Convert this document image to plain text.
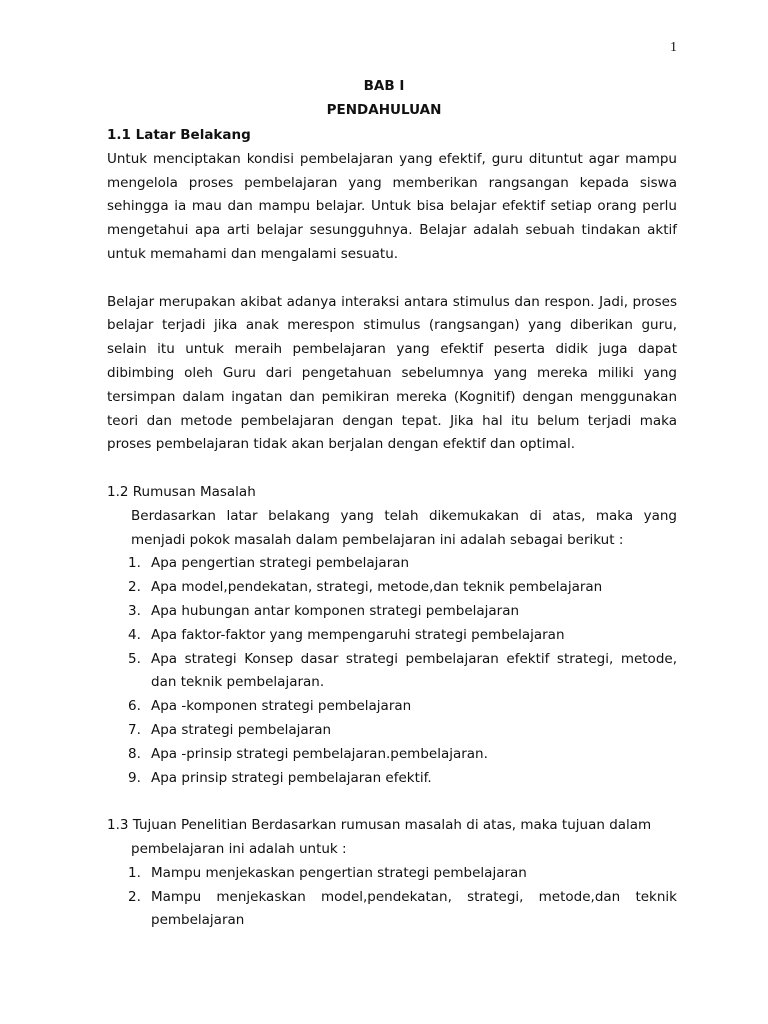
1
BAB I
PENDAHULUAN
1.1 Latar Belakang

Untuk menciptakan kondisi pembelajaran yang efektif, guru dituntut agar mampu mengelola proses pembelajaran yang memberikan rangsangan kepada siswa sehingga ia mau dan mampu belajar. Untuk bisa belajar efektif setiap orang perlu mengetahui apa arti belajar sesungguhnya. Belajar adalah sebuah tindakan aktif untuk memahami dan mengalami sesuatu.

Belajar merupakan akibat adanya interaksi antara stimulus dan respon. Jadi, proses belajar terjadi jika anak merespon stimulus (rangsangan) yang diberikan guru, selain itu untuk meraih pembelajaran yang efektif peserta didik juga dapat dibimbing oleh Guru dari pengetahuan sebelumnya yang mereka miliki yang tersimpan dalam ingatan dan pemikiran mereka (Kognitif) dengan menggunakan teori dan metode pembelajaran dengan tepat. Jika hal itu belum terjadi maka proses pembelajaran tidak akan berjalan dengan efektif dan optimal.

1.2 Rumusan Masalah

Berdasarkan latar belakang yang telah dikemukakan di atas, maka yang menjadi pokok masalah dalam pembelajaran ini adalah sebagai berikut :

1. Apa pengertian strategi pembelajaran
2. Apa model,pendekatan, strategi, metode,dan teknik pembelajaran
3. Apa hubungan antar komponen strategi pembelajaran
4. Apa faktor-faktor yang mempengaruhi strategi pembelajaran
5. Apa strategi Konsep dasar strategi pembelajaran efektif strategi, metode, dan teknik pembelajaran.
6. Apa -komponen strategi pembelajaran
7. Apa strategi pembelajaran
8. Apa -prinsip strategi pembelajaran.pembelajaran.
9. Apa prinsip strategi pembelajaran efektif.
1.3 Tujuan Penelitian Berdasarkan rumusan masalah di atas, maka tujuan dalam
pembelajaran ini adalah untuk :
1. Mampu menjekaskan pengertian strategi pembelajaran
2. Mampu menjekaskan model,pendekatan, strategi, metode,dan teknik pembelajaran
